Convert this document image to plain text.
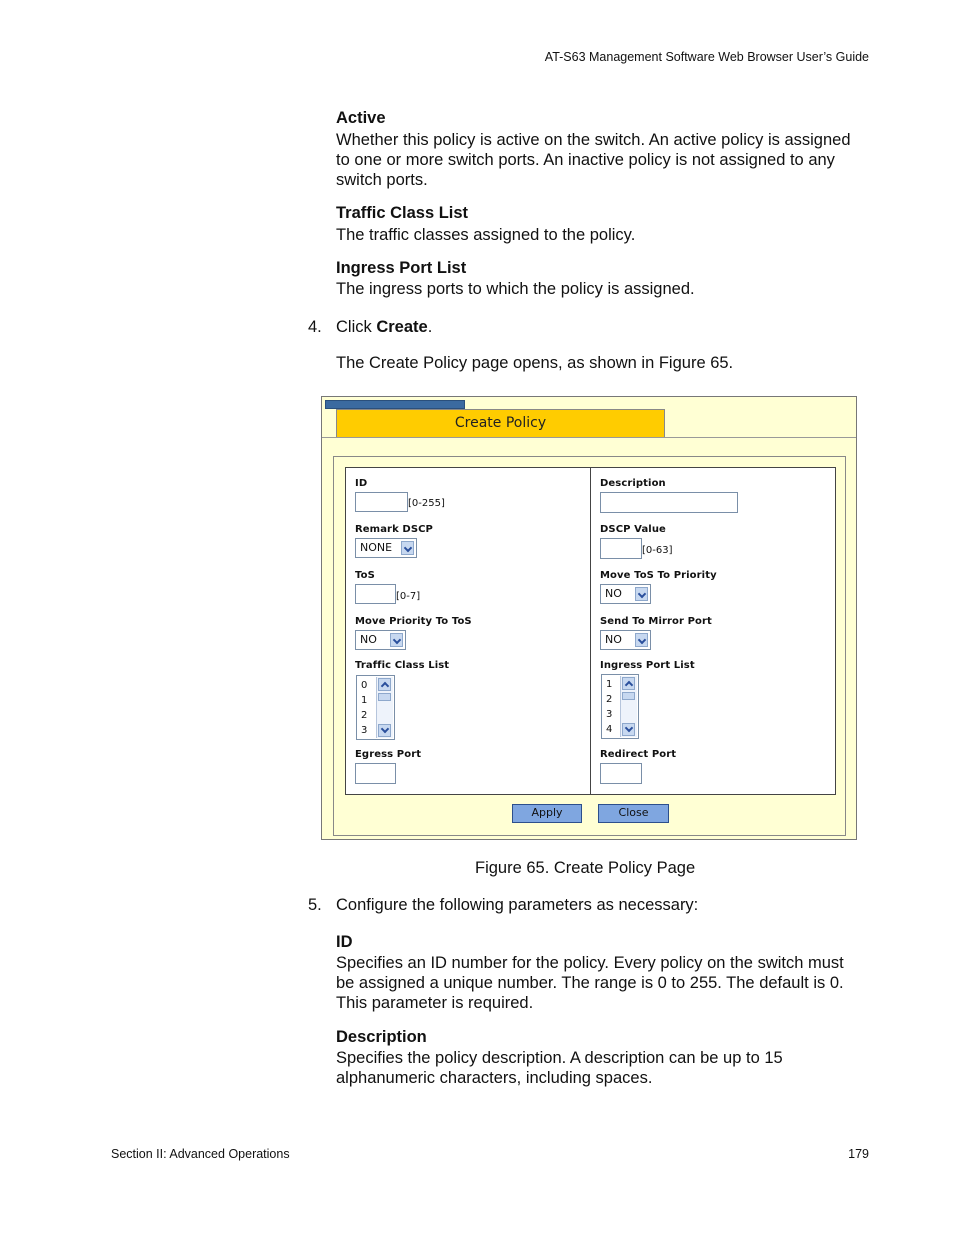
AT-S63 Management Software Web Browser User’s Guide
Active
Whether this policy is active on the switch. An active policy is assigned
to one or more switch ports. An inactive policy is not assigned to any
switch ports.
Traffic Class List
The traffic classes assigned to the policy.
Ingress Port List
The ingress ports to which the policy is assigned.
4. Click Create.
The Create Policy page opens, as shown in Figure 65.
Create Policy
ID
[0-255]
Remark DSCP
NONE
ToS
[0-7]
Move Priority To ToS
NO
Traffic Class List
0
1
2
3
Egress Port
Description
DSCP Value
[0-63]
Move ToS To Priority
NO
Send To Mirror Port
NO
Ingress Port List
1
2
3
4
Redirect Port
Apply	Close
Figure 65. Create Policy Page
5. Configure the following parameters as necessary:
ID
Specifies an ID number for the policy. Every policy on the switch must
be assigned a unique number. The range is 0 to 255. The default is 0.
This parameter is required.
Description
Specifies the policy description. A description can be up to 15
alphanumeric characters, including spaces.
Section II: Advanced Operations	179
